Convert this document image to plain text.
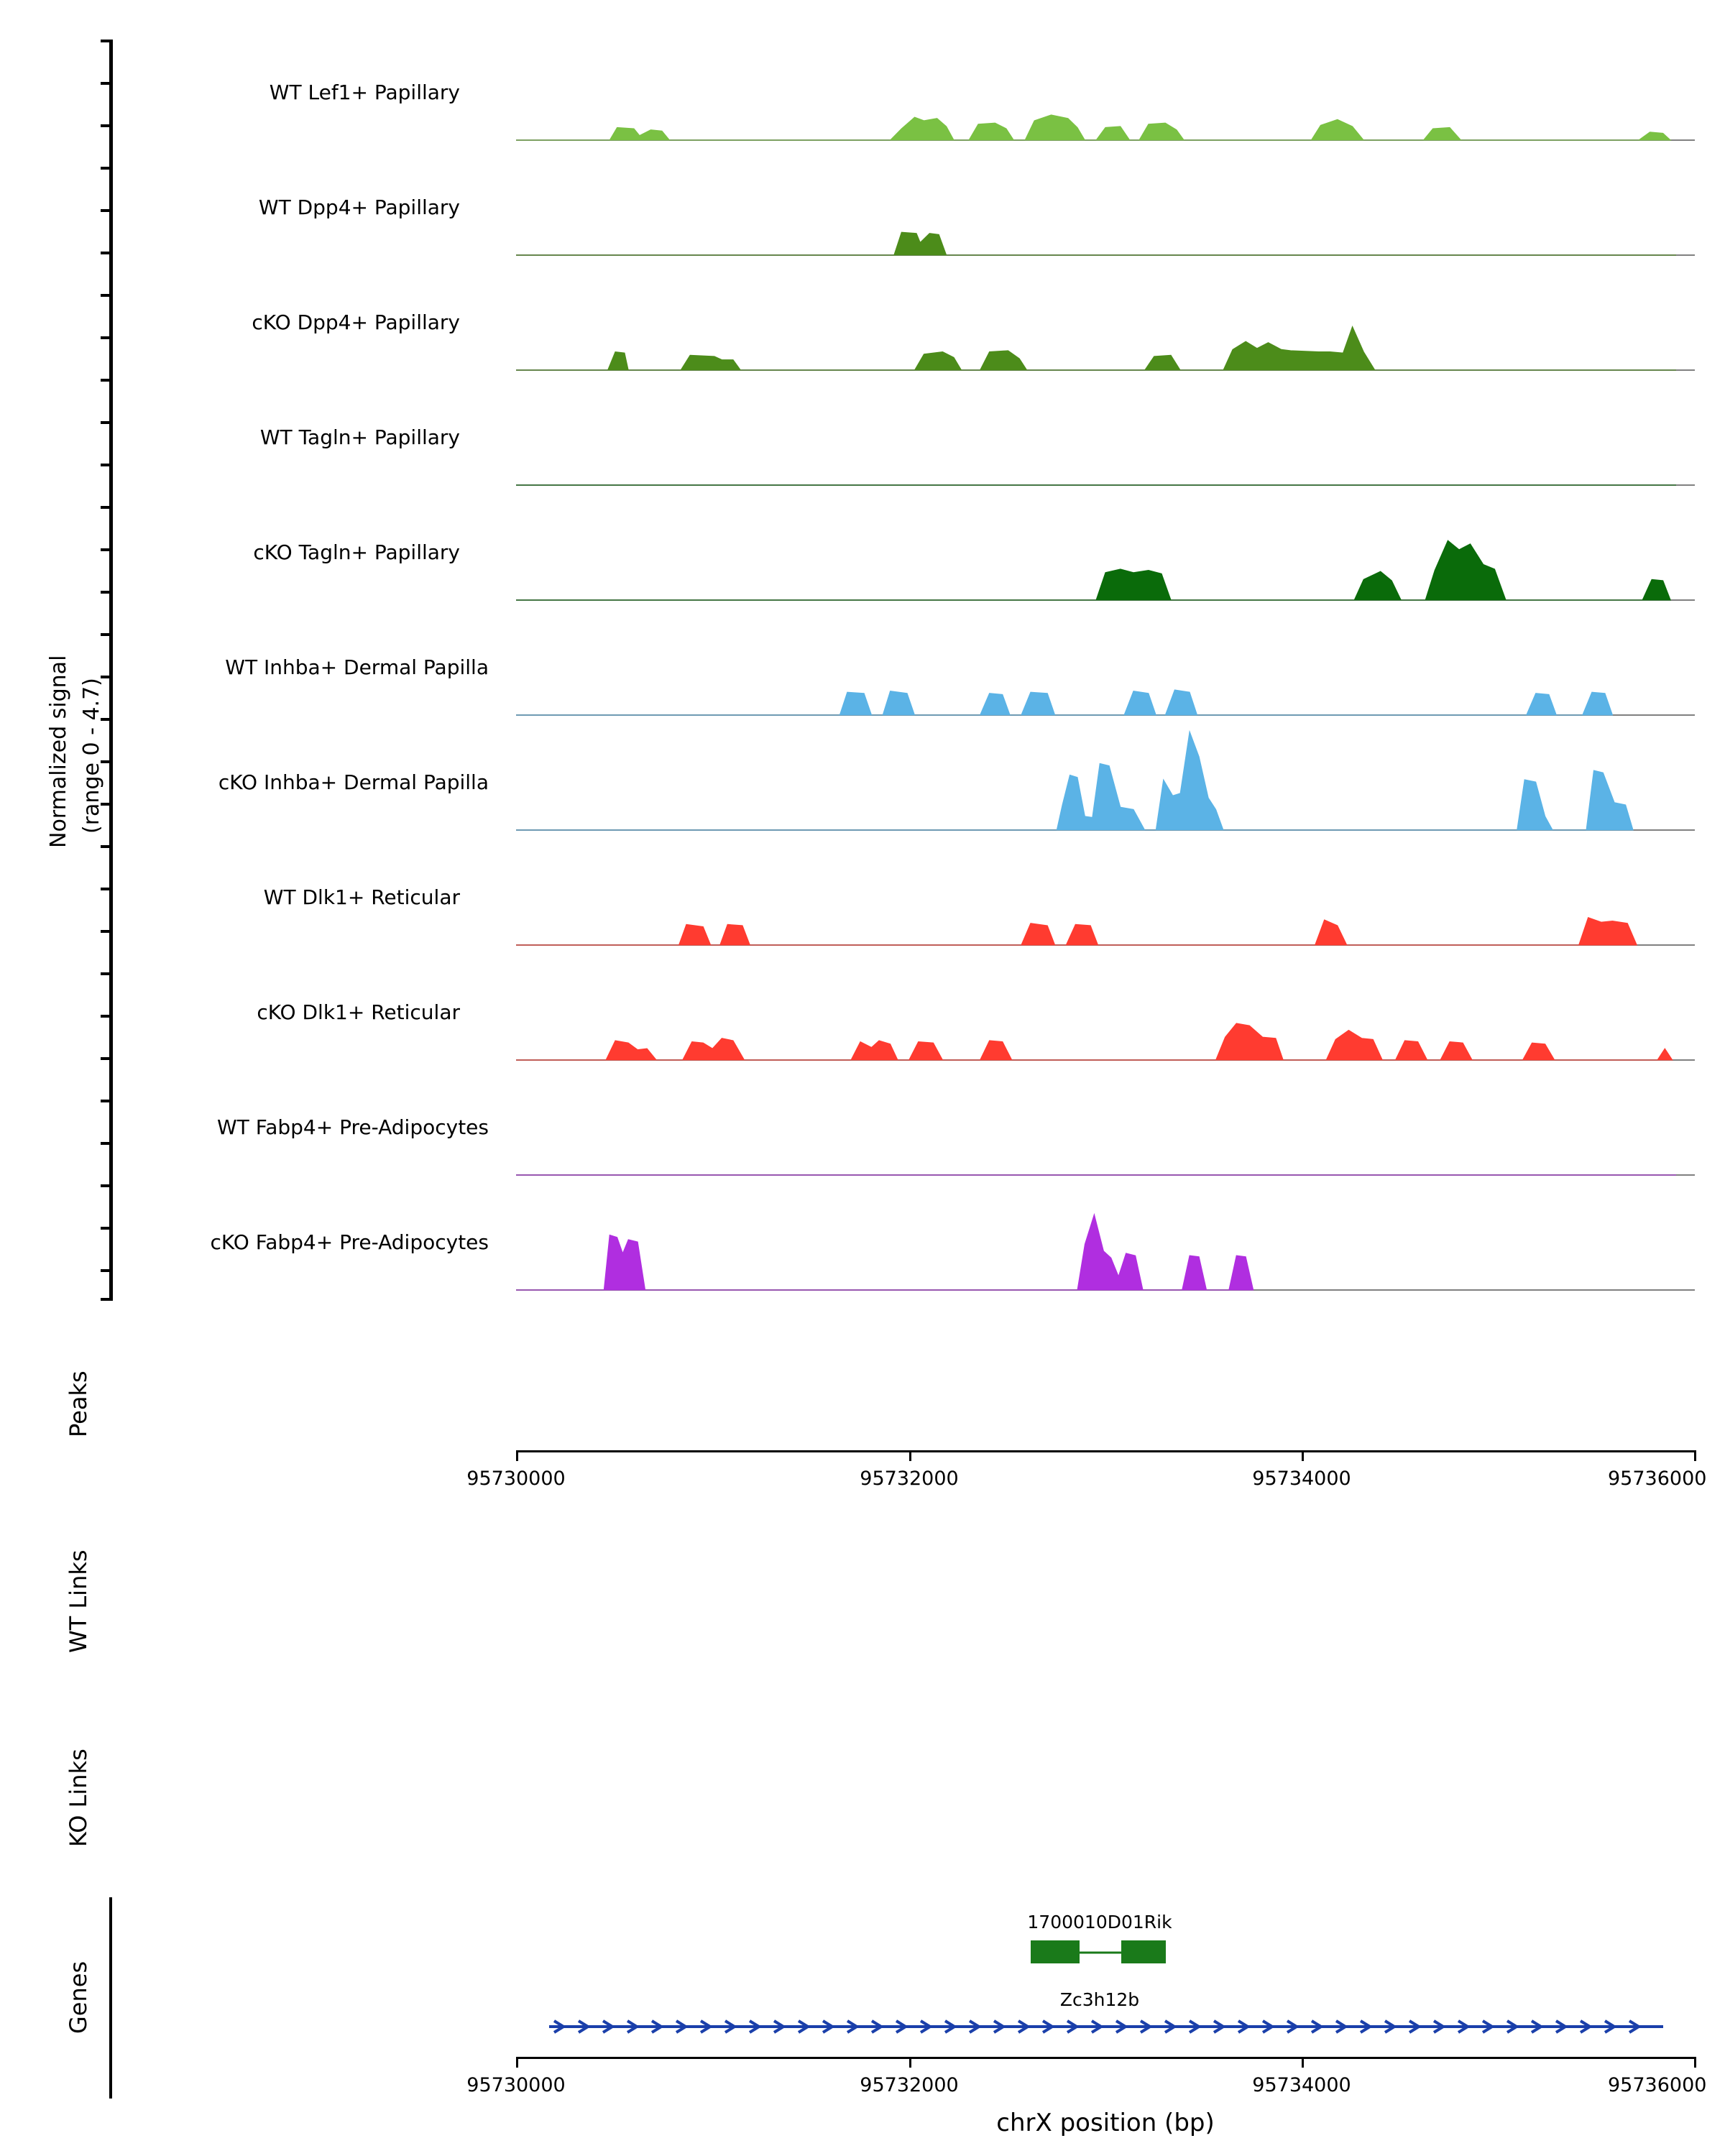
Normalized signal (range 0 - 4.7)
WT Lef1+ Papillary
WT Dpp4+ Papillary
cKO Dpp4+ Papillary
WT Tagln+ Papillary
cKO Tagln+ Papillary
WT Inhba+ Dermal Papilla
cKO Inhba+ Dermal Papilla
WT Dlk1+ Reticular
cKO Dlk1+ Reticular
WT Fabp4+ Pre-Adipocytes
cKO Fabp4+ Pre-Adipocytes
Peaks
95730000	95732000	95734000	95736000
WT Links
KO Links
Genes
1700010D01Rik
Zc3h12b
95730000	95732000	95734000	95736000
chrX position (bp)
